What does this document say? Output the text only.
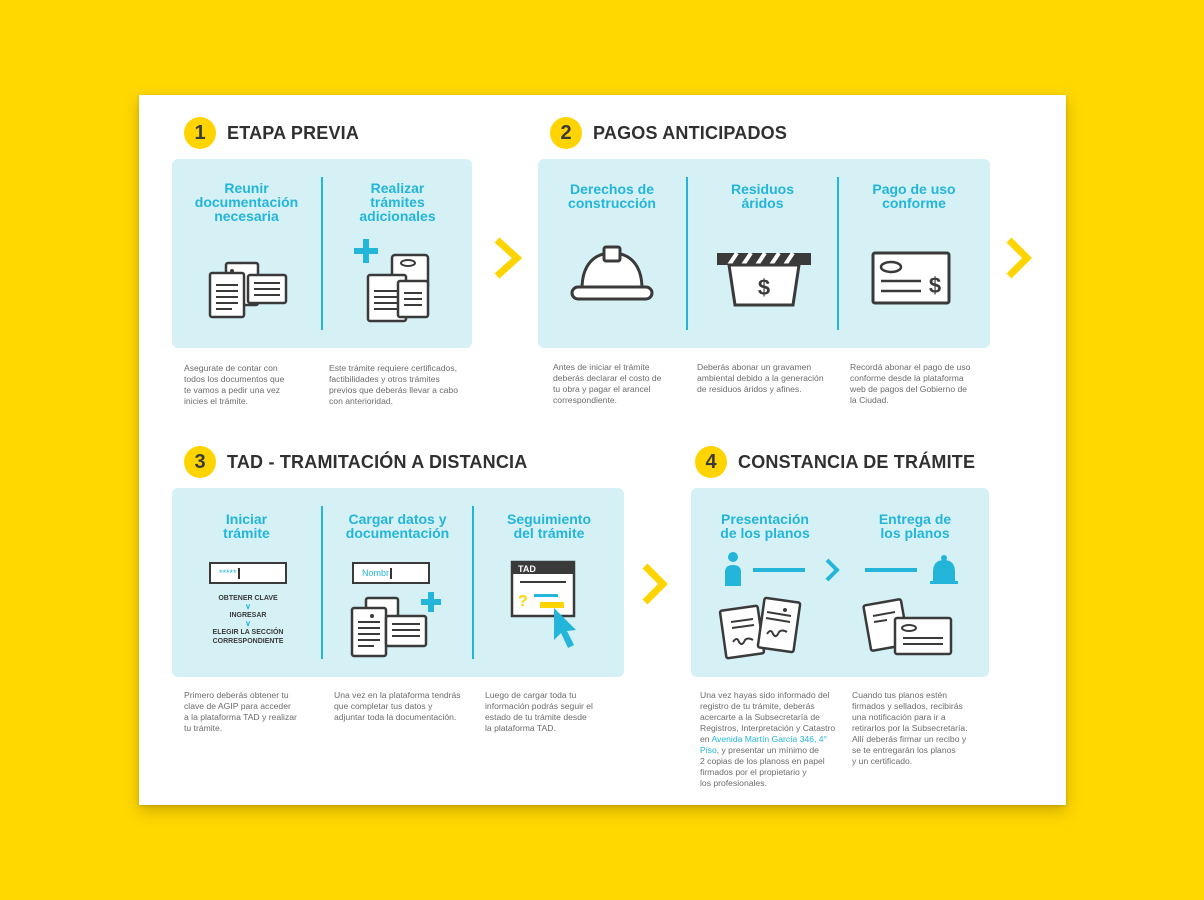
1	ETAPA PREVIA
Reunir
documentación
necesaria
Realizar
trámites
adicionales
Asegurate de contar con
todos los documentos que
te vamos a pedir una vez
inicies el trámite.
Este trámite requiere certificados,
factibilidades y otros trámites
previos que deberás llevar a cabo
con anterioridad.
2	PAGOS ANTICIPADOS
Derechos de
construcción
Residuos
áridos
Pago de uso
conforme
$	$
Antes de iniciar el trámite
deberás declarar el costo de
tu obra y pagar el arancel
correspondiente.
Deberás abonar un gravamen
ambiental debido a la generación
de residuos áridos y afines.
Recordá abonar el pago de uso
conforme desde la plataforma
web de pagos del Gobierno de
la Ciudad.
3	TAD - TRAMITACIÓN A DISTANCIA
Iniciar
trámite
Cargar datos y
documentación
Seguimiento
del trámite
*****
OBTENER CLAVE
∨
INGRESAR
∨
ELEGIR LA SECCIÓN
CORRESPONDIENTE
Nombr	TAD
?
Primero deberás obtener tu
clave de AGIP para acceder
a la plataforma TAD y realizar
tu trámite.
Una vez en la plataforma tendrás
que completar tus datos y
adjuntar toda la documentación.
Luego de cargar toda tu
información podrás seguir el
estado de tu trámite desde
la plataforma TAD.
4	CONSTANCIA DE TRÁMITE
Presentación
de los planos
Entrega de
los planos
Una vez hayas sido informado del
registro de tu trámite, deberás
acercarte a la Subsecretaría de
Registros, Interpretación y Catastro
en Avenida Martín García 346, 4°
Piso, y presentar un mínimo de
2 copias de los planoss en papel
firmados por el propietario y
los profesionales.
Cuando tus planos estén
firmados y sellados, recibirás
una notificación para ir a
retirarlos por la Subsecretaría.
Allí deberás firmar un recibo y
se te entregarán los planos
y un certificado.
